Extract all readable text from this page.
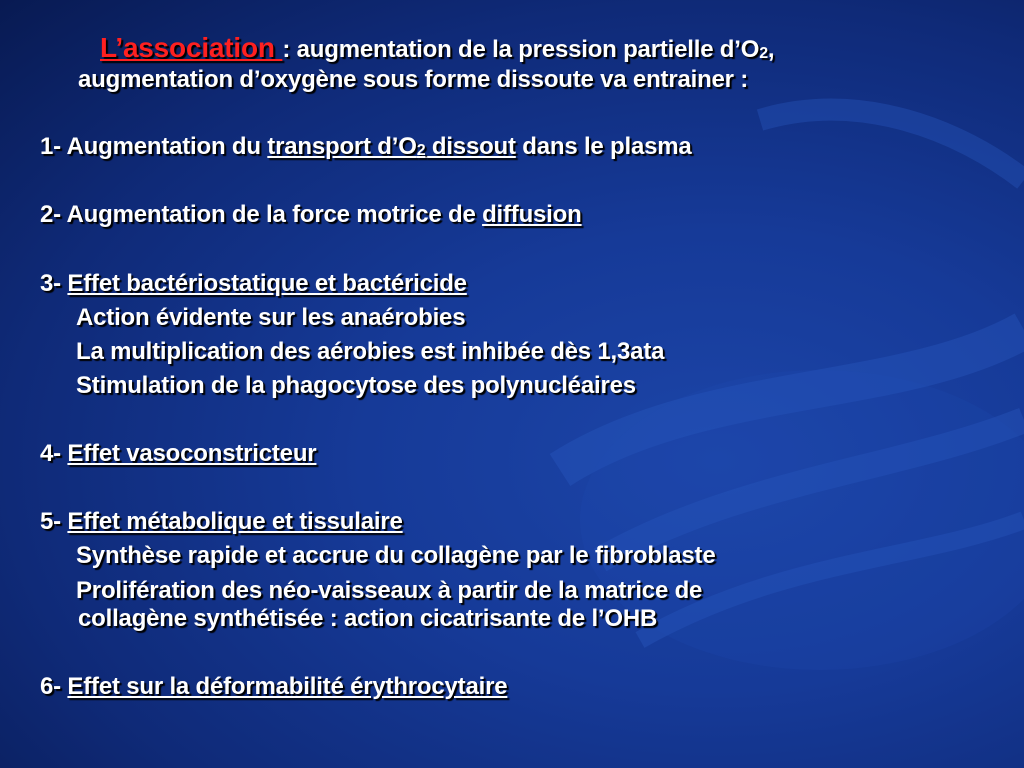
L’association : augmentation de la pression partielle d’O2,
augmentation d’oxygène sous forme dissoute va entrainer :
1- Augmentation du transport d’O2 dissout dans le plasma
2- Augmentation de la force motrice de diffusion
3- Effet bactériostatique et bactéricide
Action évidente sur les anaérobies
La multiplication des aérobies est inhibée dès 1,3ata
Stimulation de la phagocytose des polynucléaires
4- Effet vasoconstricteur
5- Effet métabolique et tissulaire
Synthèse rapide et accrue du collagène par le fibroblaste
Prolifération des néo-vaisseaux à partir de la matrice de
collagène synthétisée : action cicatrisante de l’OHB
6- Effet sur la déformabilité érythrocytaire
